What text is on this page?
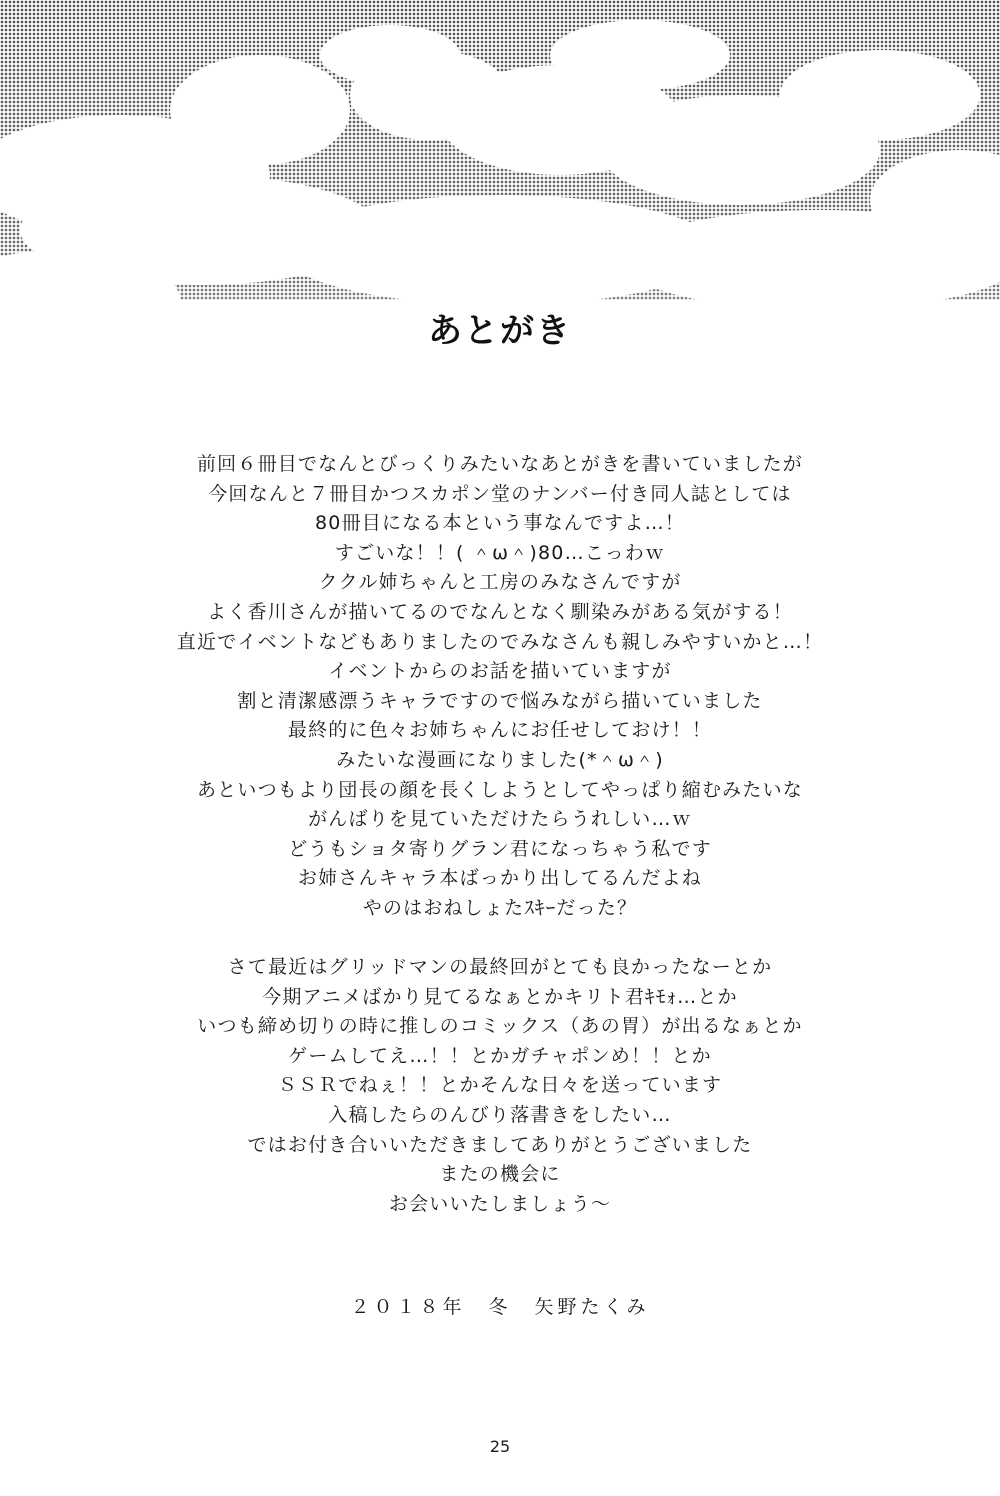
あとがき
前回６冊目でなんとびっくりみたいなあとがきを書いていましたが
今回なんと７冊目かつスカポン堂のナンバー付き同人誌としては
80冊目になる本という事なんですよ…！
すごいな！！( ＾ω＾)80…こっわｗ
ククル姉ちゃんと工房のみなさんですが
よく香川さんが描いてるのでなんとなく馴染みがある気がする！
直近でイベントなどもありましたのでみなさんも親しみやすいかと…！
イベントからのお話を描いていますが
割と清潔感漂うキャラですので悩みながら描いていました
最終的に色々お姉ちゃんにお任せしておけ！！
みたいな漫画になりました(*＾ω＾)
あといつもより団長の顔を長くしようとしてやっぱり縮むみたいな
がんばりを見ていただけたらうれしい…ｗ
どうもショタ寄りグラン君になっちゃう私です
お姉さんキャラ本ばっかり出してるんだよね
やのはおねしょたｽｷｰだった？
さて最近はグリッドマンの最終回がとても良かったなーとか
今期アニメばかり見てるなぁとかキリト君ｷﾓｫ…とか
いつも締め切りの時に推しのコミックス（あの胃）が出るなぁとか
ゲームしてえ…！！とかガチャポンめ！！とか
ＳＳＲでねぇ！！とかそんな日々を送っています
入稿したらのんびり落書きをしたい…
ではお付き合いいただきましてありがとうございました
またの機会に
お会いいたしましょう～
２０１８年　冬　矢野たくみ
25
